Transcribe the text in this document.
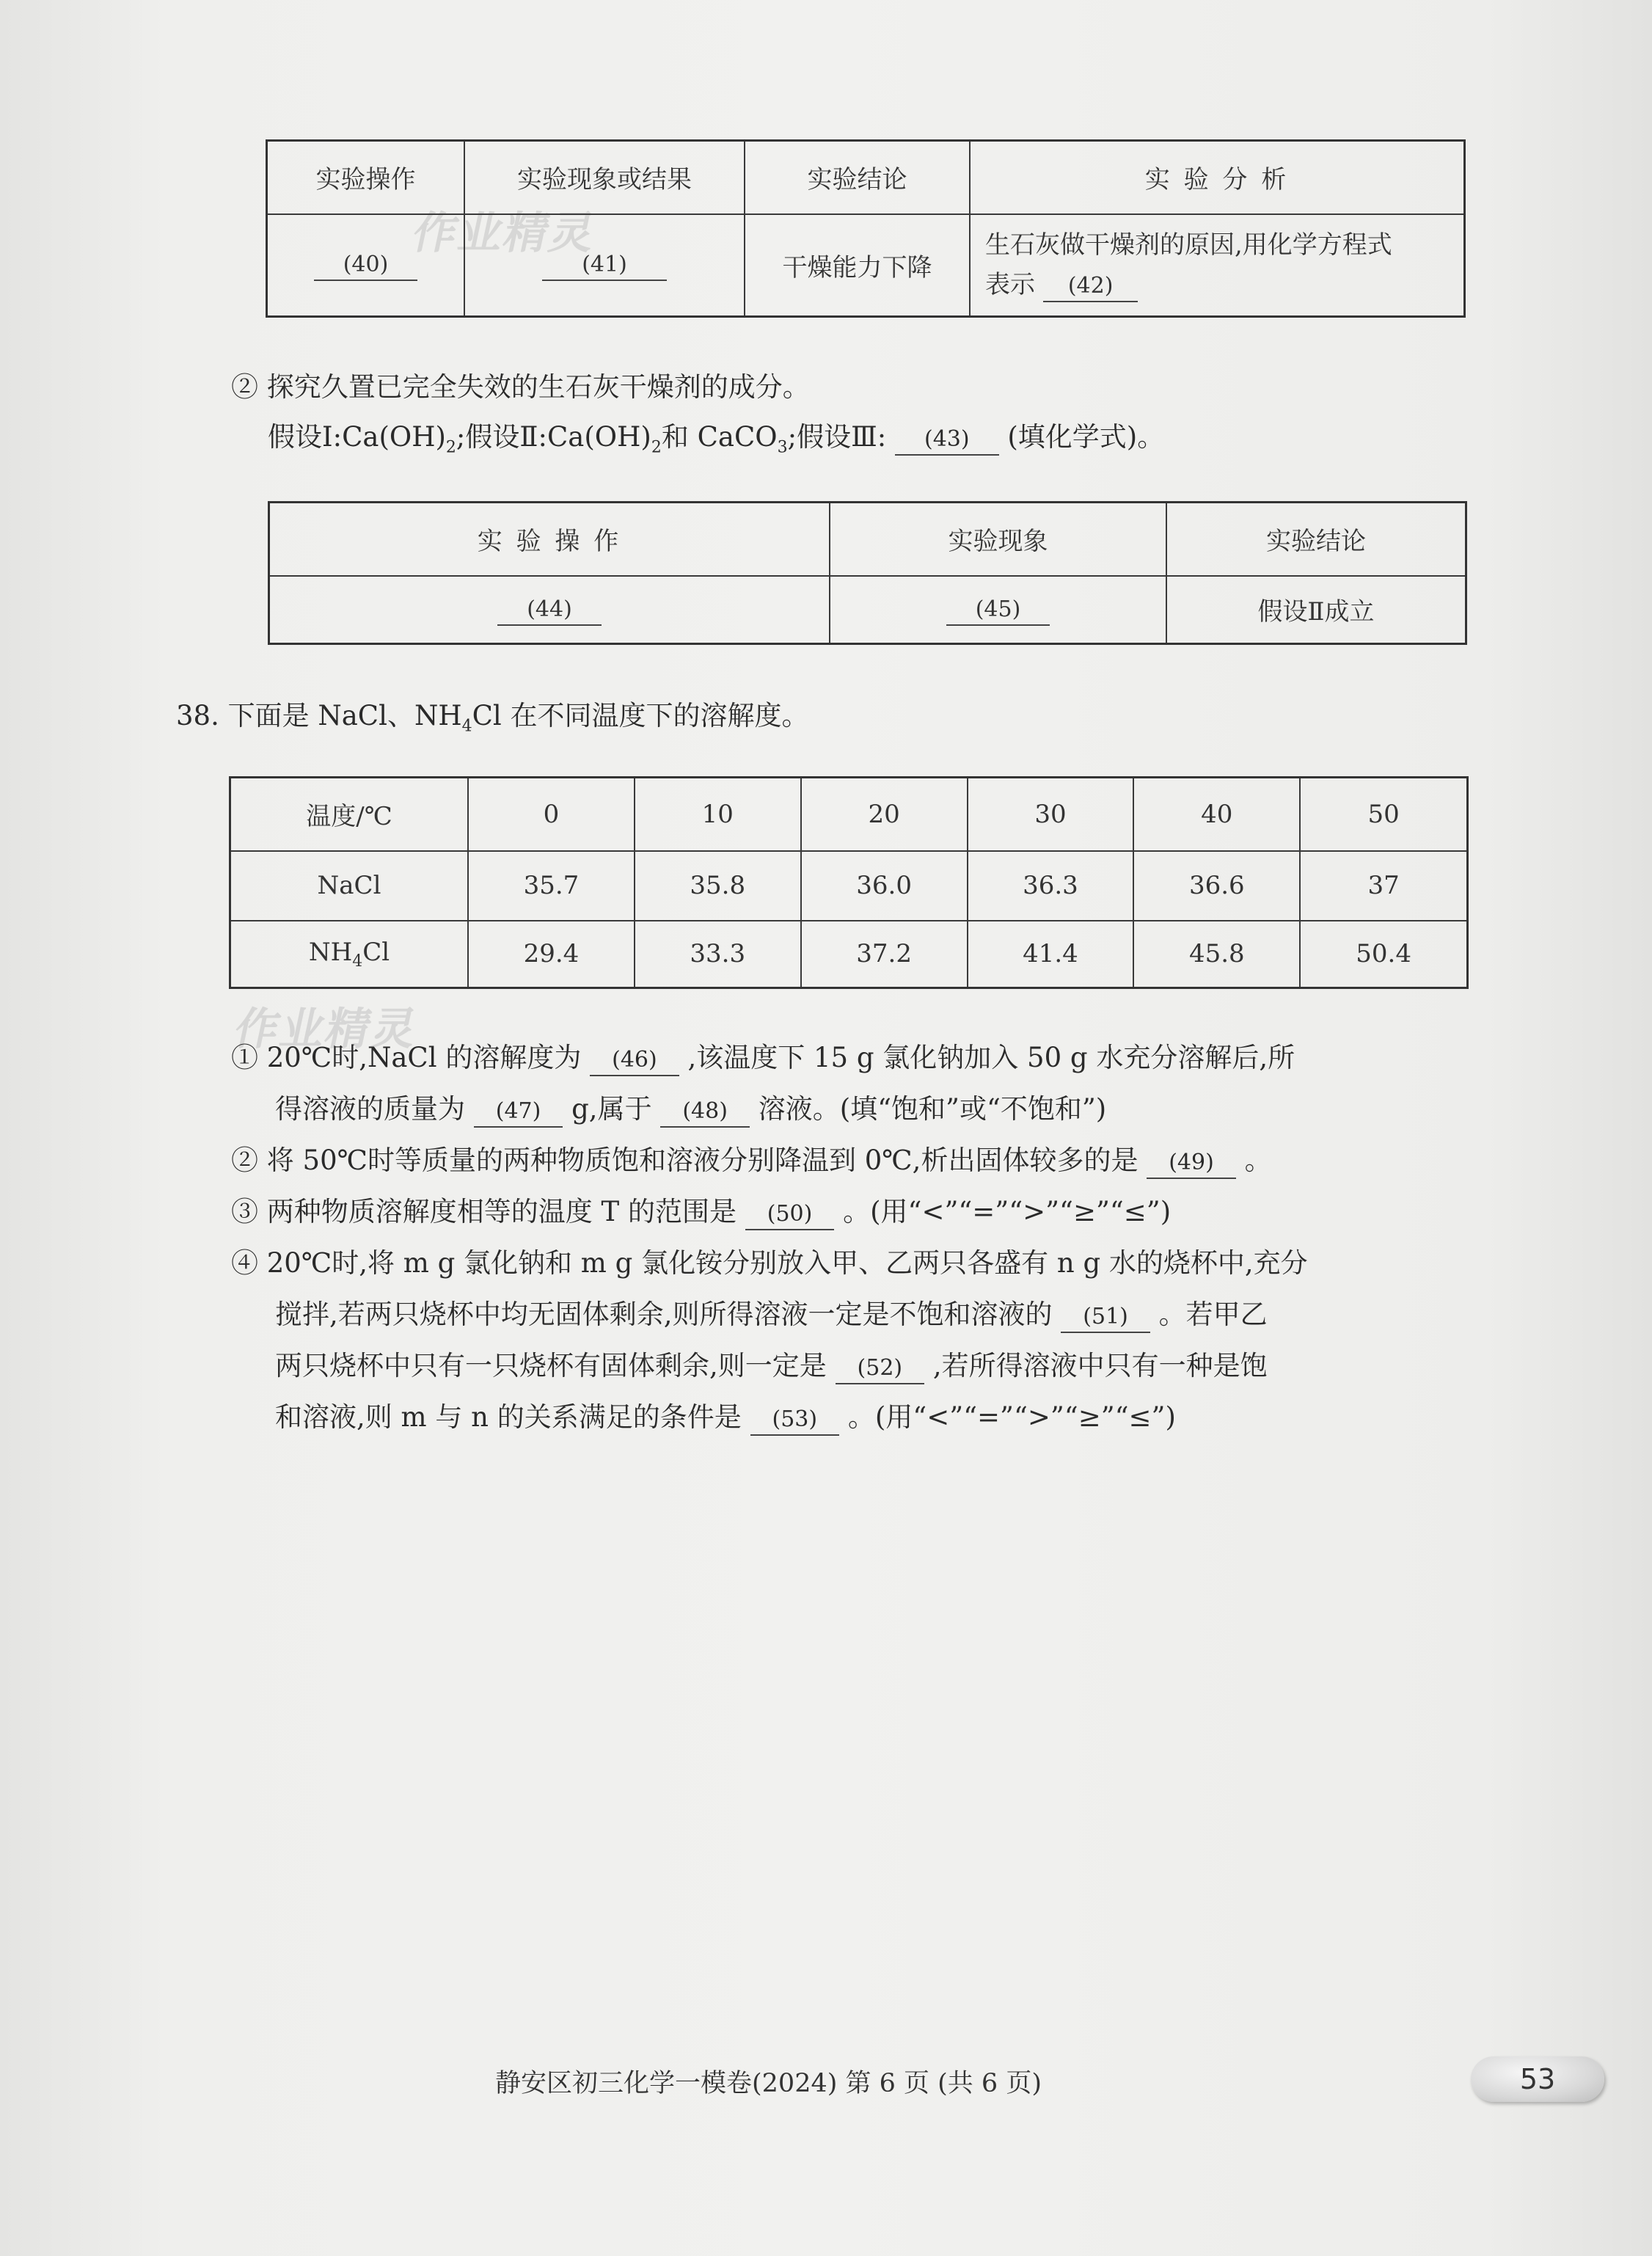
作业精灵
作业精灵
实验操作	实验现象或结果	实验结论	实 验 分 析
(40)	(41)	干燥能力下降	生石灰做干燥剂的原因,用化学方程式
表示 (42)
② 探究久置已完全失效的生石灰干燥剂的成分。
假设$Ⅰ:Ca(OH)_2$;假设$Ⅱ:Ca(OH)_2$和 CaCO$_3$;假设Ⅲ: (43) (填化学式)。
实 验 操 作	实验现象	实验结论
(44)	(45)	假设Ⅱ成立
38. 下面是 NaCl、$NH_4Cl$ 在不同温度下的溶解度。
温度/℃	0	10	20	30	40	50
NaCl	35.7	35.8	36.0	36.3	36.6	37
$NH_4Cl$	29.4	33.3	37.2	41.4	45.8	50.4
① 20℃时,NaCl 的溶解度为 (46) ,该温度下 15 g 氯化钠加入 50 g 水充分溶解后,所
得溶液的质量为 (47) g,属于 (48) 溶液。(填“饱和”或“不饱和”)
② 将 50℃时等质量的两种物质饱和溶液分别降温到 0℃,析出固体较多的是 (49) 。
③ 两种物质溶解度相等的温度 T 的范围是 (50) 。(用“<”“=”“>”“≥”“≤”)
④ 20℃时,将 m g 氯化钠和 m g 氯化铵分别放入甲、乙两只各盛有 n g 水的烧杯中,充分
搅拌,若两只烧杯中均无固体剩余,则所得溶液一定是不饱和溶液的 (51) 。若甲乙
两只烧杯中只有一只烧杯有固体剩余,则一定是 (52) ,若所得溶液中只有一种是饱
和溶液,则 m 与 n 的关系满足的条件是 (53) 。(用“<”“=”“>”“≥”“≤”)
静安区初三化学一模卷(2024) 第 6 页 (共 6 页)	53
